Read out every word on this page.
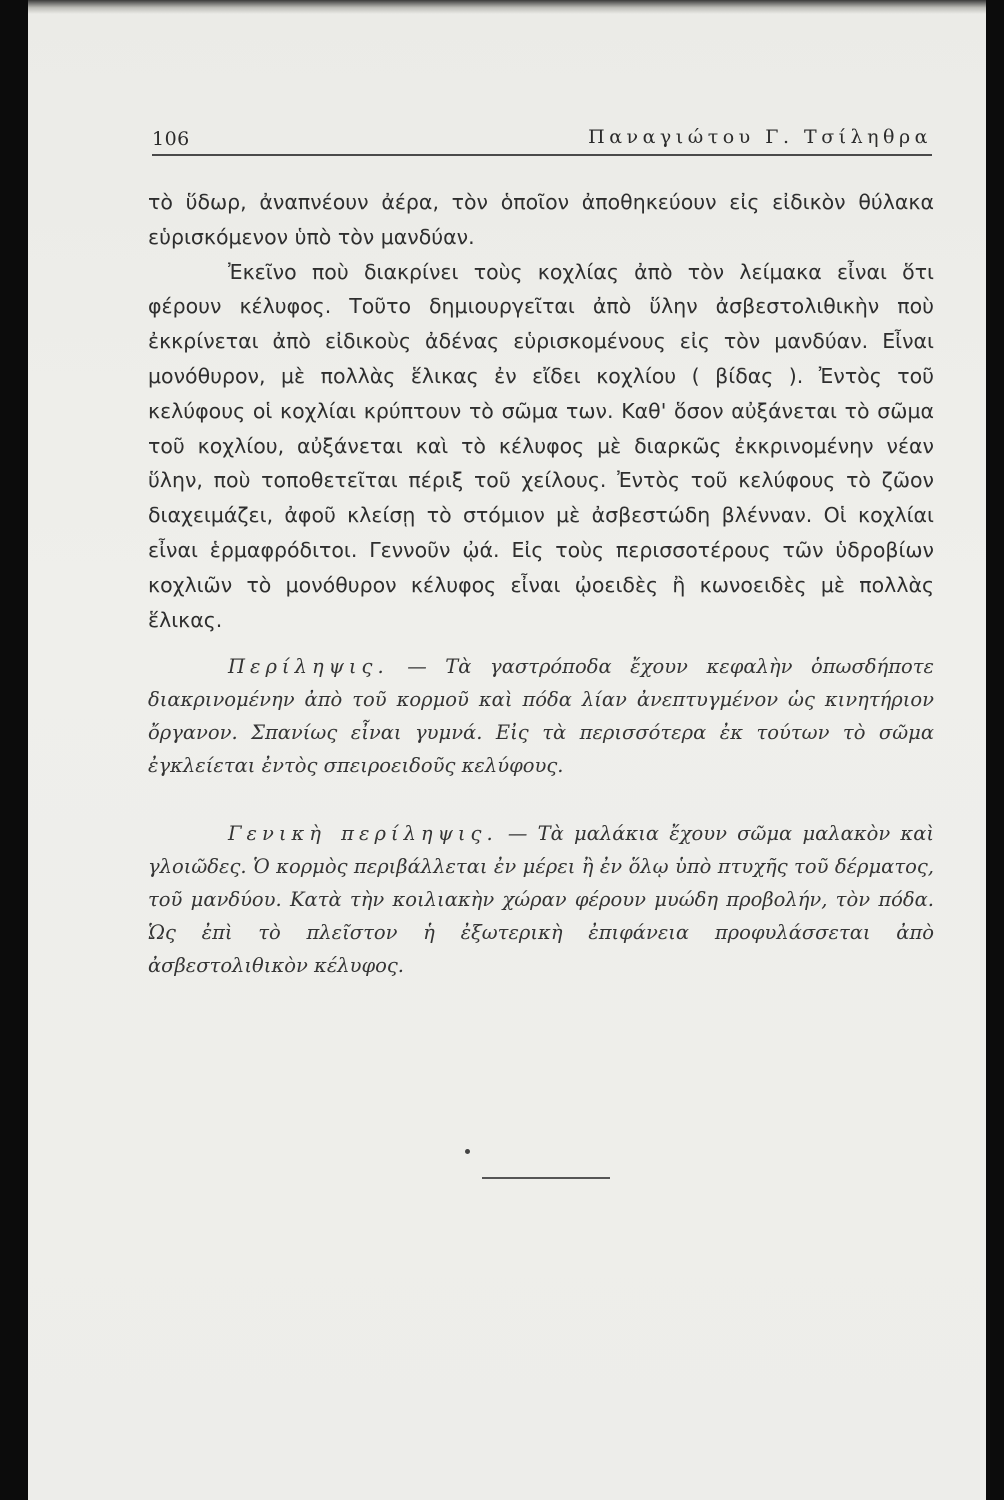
106	Παναγιώτου Γ. Τσίληθρα

τὸ ὕδωρ, ἀναπνέουν ἀέρα, τὸν ὁποῖον ἀποθηκεύουν εἰς εἰδικὸν θύλακα εὑρισκόμενον ὑπὸ τὸν μανδύαν.

Ἐκεῖνο ποὺ διακρίνει τοὺς κοχλίας ἀπὸ τὸν λείμακα εἶναι ὅτι φέρουν κέλυφος. Τοῦτο δημιουργεῖται ἀπὸ ὕλην ἀσβεστολιθικὴν ποὺ ἐκκρίνεται ἀπὸ εἰδικοὺς ἀδένας εὑρισκομένους εἰς τὸν μανδύαν. Εἶναι μονόθυρον, μὲ πολλὰς ἕλικας ἐν εἴδει κοχλίου ( βίδας ). Ἐντὸς τοῦ κελύφους οἱ κοχλίαι κρύπτουν τὸ σῶμα των. Καθ' ὅσον αὐξάνεται τὸ σῶμα τοῦ κοχλίου, αὐξάνεται καὶ τὸ κέλυφος μὲ διαρκῶς ἐκκρινομένην νέαν ὕλην, ποὺ τοποθετεῖται πέριξ τοῦ χείλους. Ἐντὸς τοῦ κελύφους τὸ ζῶον διαχειμάζει, ἀφοῦ κλείσῃ τὸ στόμιον μὲ ἀσβεστώδη βλένναν. Οἱ κοχλίαι εἶναι ἑρμαφρόδιτοι. Γεννοῦν ᾠά. Εἰς τοὺς περισσοτέρους τῶν ὑδροβίων κοχλιῶν τὸ μονόθυρον κέλυφος εἶναι ᾠοειδὲς ἢ κωνοειδὲς μὲ πολλὰς ἕλικας.

Περίληψις. — Τὰ γαστρόποδα ἔχουν κεφαλὴν ὁπωσδήποτε διακρινομένην ἀπὸ τοῦ κορμοῦ καὶ πόδα λίαν ἀνεπτυγμένον ὡς κινητήριον ὄργανον. Σπανίως εἶναι γυμνά. Εἰς τὰ περισσότερα ἐκ τούτων τὸ σῶμα ἐγκλείεται ἐντὸς σπειροειδοῦς κελύφους.

Γενικὴ περίληψις. — Τὰ μαλάκια ἔχουν σῶμα μαλακὸν καὶ γλοιῶδες. Ὁ κορμὸς περιβάλλεται ἐν μέρει ἢ ἐν ὅλῳ ὑπὸ πτυχῆς τοῦ δέρματος, τοῦ μανδύου. Κατὰ τὴν κοιλιακὴν χώραν φέρουν μυώδη προβολήν, τὸν πόδα. Ὡς ἐπὶ τὸ πλεῖστον ἡ ἐξωτερικὴ ἐπιφάνεια προφυλάσσεται ἀπὸ ἀσβεστολιθικὸν κέλυφος.
